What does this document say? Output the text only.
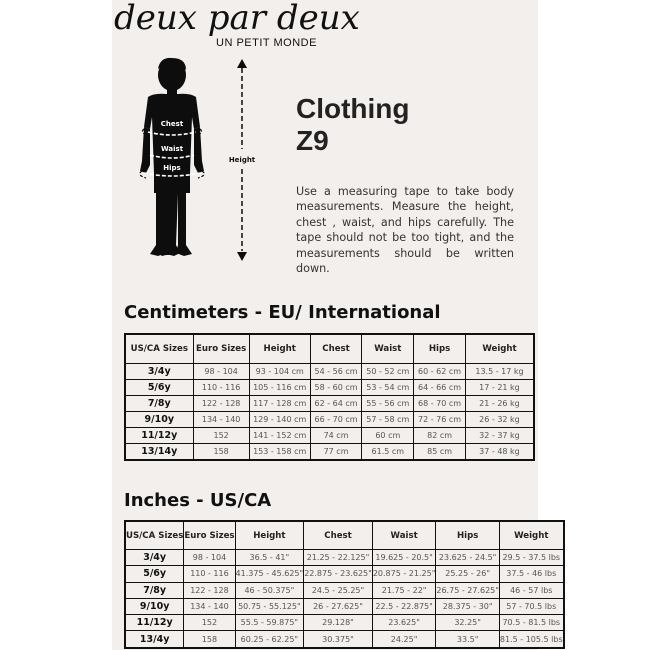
deux par deux
UN PETIT MONDE
Chest
Waist
Hips
Height
Clothing
Z9
Use a measuring tape to take body measurements. Measure the height, chest , waist, and hips carefully. The tape should not be too tight, and the measurements should be written down.
Centimeters - EU/ International
US/CA Sizes	Euro Sizes	Height	Chest	Waist	Hips	Weight
3/4y	98 - 104	93 - 104 cm	54 - 56 cm	50 - 52 cm	60 - 62 cm	13.5 - 17 kg
5/6y	110 - 116	105 - 116 cm	58 - 60 cm	53 - 54 cm	64 - 66 cm	17 - 21 kg
7/8y	122 - 128	117 - 128 cm	62 - 64 cm	55 - 56 cm	68 - 70 cm	21 - 26 kg
9/10y	134 - 140	129 - 140 cm	66 - 70 cm	57 - 58 cm	72 - 76 cm	26 - 32 kg
11/12y	152	141 - 152 cm	74 cm	60 cm	82 cm	32 - 37 kg
13/14y	158	153 - 158 cm	77 cm	61.5 cm	85 cm	37 - 48 kg
Inches - US/CA
US/CA Sizes	Euro Sizes	Height	Chest	Waist	Hips	Weight
3/4y	98 - 104	36.5 - 41"	21.25 - 22.125"	19.625 - 20.5"	23.625 - 24.5"	29.5 - 37.5 lbs
5/6y	110 - 116	41.375 - 45.625"	22.875 - 23.625"	20.875 - 21.25"	25.25 - 26"	37.5 - 46 lbs
7/8y	122 - 128	46 - 50.375"	24.5 - 25.25"	21.75 - 22"	26.75 - 27.625"	46 - 57 lbs
9/10y	134 - 140	50.75 - 55.125"	26 - 27.625"	22.5 - 22.875"	28.375 - 30"	57 - 70.5 lbs
11/12y	152	55.5 - 59.875"	29.128"	23.625"	32.25"	70.5 - 81.5 lbs
13/4y	158	60.25 - 62.25"	30.375"	24.25"	33.5"	81.5 - 105.5 lbs
